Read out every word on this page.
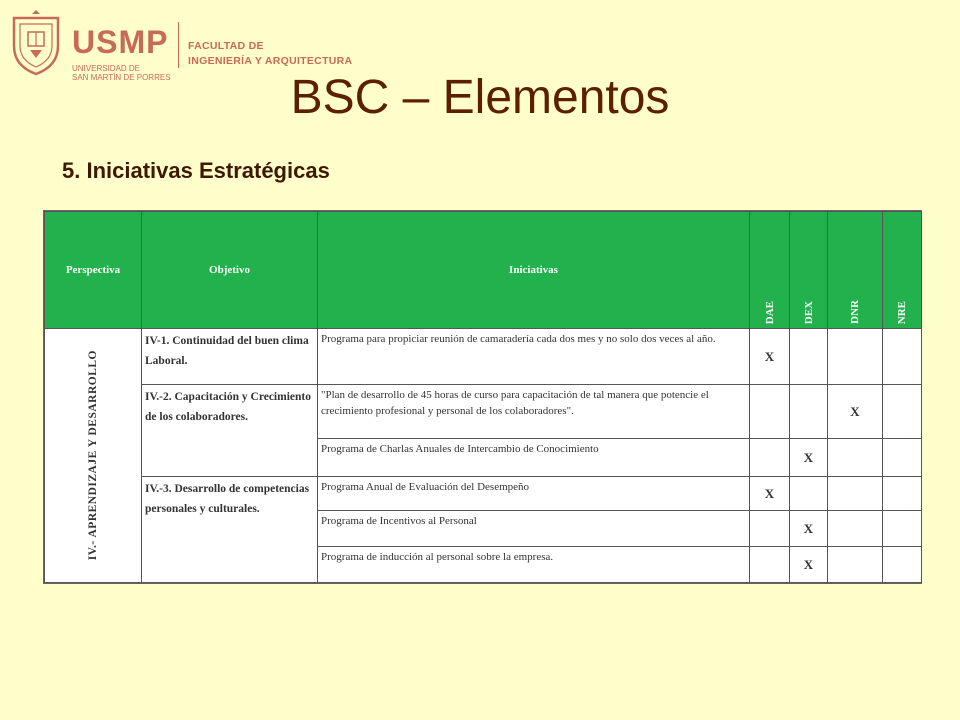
USMP
UNIVERSIDAD DE
SAN MARTÍN DE PORRES
FACULTAD DE
INGENIERÍA Y ARQUITECTURA
BSC – Elementos
5. Iniciativas Estratégicas
Perspectiva	Objetivo	Iniciativas	DAE	DEX	DNR	NRE

IV.- APRENDIZAJE Y DESARROLLO	IV-1. Continuidad del buen clima Laboral.	Programa para propiciar reunión de camaradería cada dos mes y no solo dos veces al año.	X			
	IV.-2. Capacitación y Crecimiento de los colaboradores.	"Plan de desarrollo de 45 horas de curso para capacitación de tal manera que potencie el crecimiento profesional y personal de los colaboradores".			X	
		Programa de Charlas Anuales de Intercambio de Conocimiento		X		
	IV.-3. Desarrollo de competencias personales y culturales.	Programa Anual de Evaluación del Desempeño	X			
		Programa de Incentivos al Personal		X		
		Programa de inducción al personal sobre la empresa.		X		
